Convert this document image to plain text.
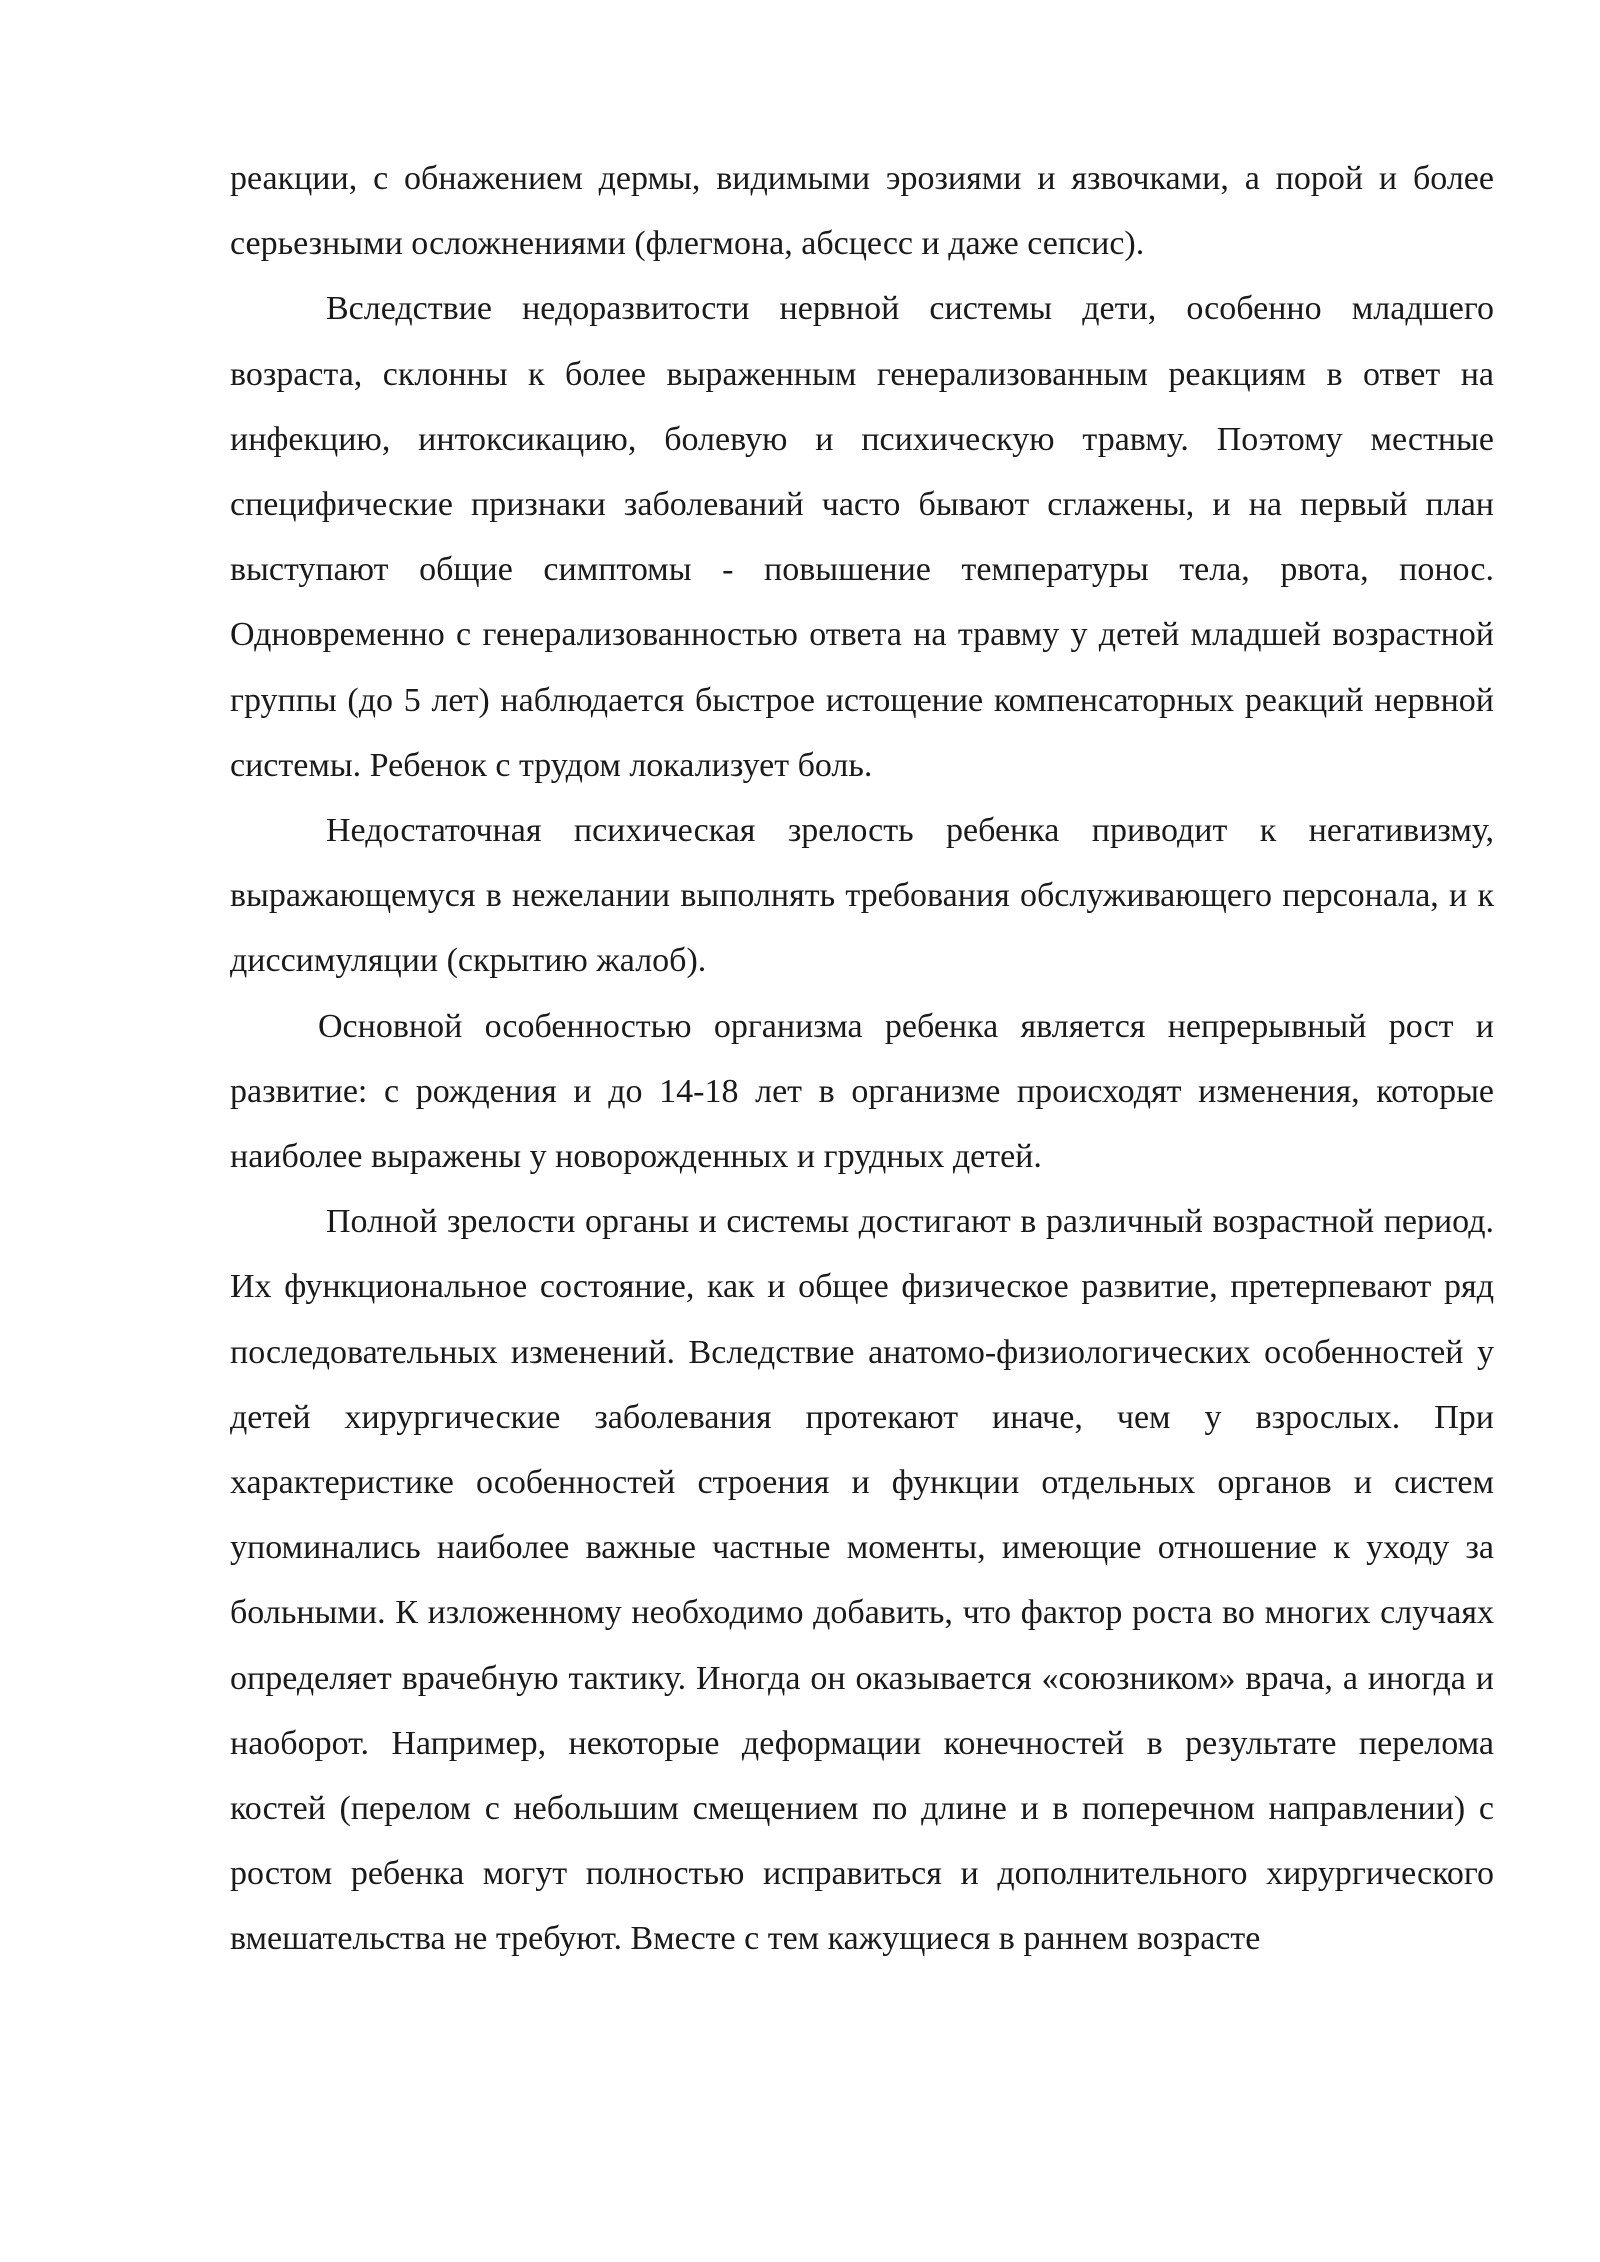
реакции, с обнажением дермы, видимыми эрозиями и язвочками, а порой и более серьезными осложнениями (флегмона, абсцесс и даже сепсис).

Вследствие недоразвитости нервной системы дети, особенно младшего возраста, склонны к более выраженным генерализованным реакциям в ответ на инфекцию, интоксикацию, болевую и психическую травму. Поэтому местные специфические признаки заболеваний часто бывают сглажены, и на первый план выступают общие симптомы - повышение температуры тела, рвота, понос. Одновременно с генерализованностью ответа на травму у детей младшей возрастной группы (до 5 лет) наблюдается быстрое истощение компенсаторных реакций нервной системы. Ребенок с трудом локализует боль.

Недостаточная психическая зрелость ребенка приводит к негативизму, выражающемуся в нежелании выполнять требования обслуживающего персонала, и к диссимуляции (скрытию жалоб).

Основной особенностью организма ребенка является непрерывный рост и развитие: с рождения и до 14-18 лет в организме происходят изменения, которые наиболее выражены у новорожденных и грудных детей.

Полной зрелости органы и системы достигают в различный возрастной период. Их функциональное состояние, как и общее физическое развитие, претерпевают ряд последовательных изменений. Вследствие анатомо-физиологических особенностей у детей хирургические заболевания протекают иначе, чем у взрослых. При характеристике особенностей строения и функции отдельных органов и систем упоминались наиболее важные частные моменты, имеющие отношение к уходу за больными. К изложенному необходимо добавить, что фактор роста во многих случаях определяет врачебную тактику. Иногда он оказывается «союзником» врача, а иногда и наоборот. Например, некоторые деформации конечностей в результате перелома костей (перелом с небольшим смещением по длине и в поперечном направлении) с ростом ребенка могут полностью исправиться и дополнительного хирургического вмешательства не требуют. Вместе с тем кажущиеся в раннем возрасте
